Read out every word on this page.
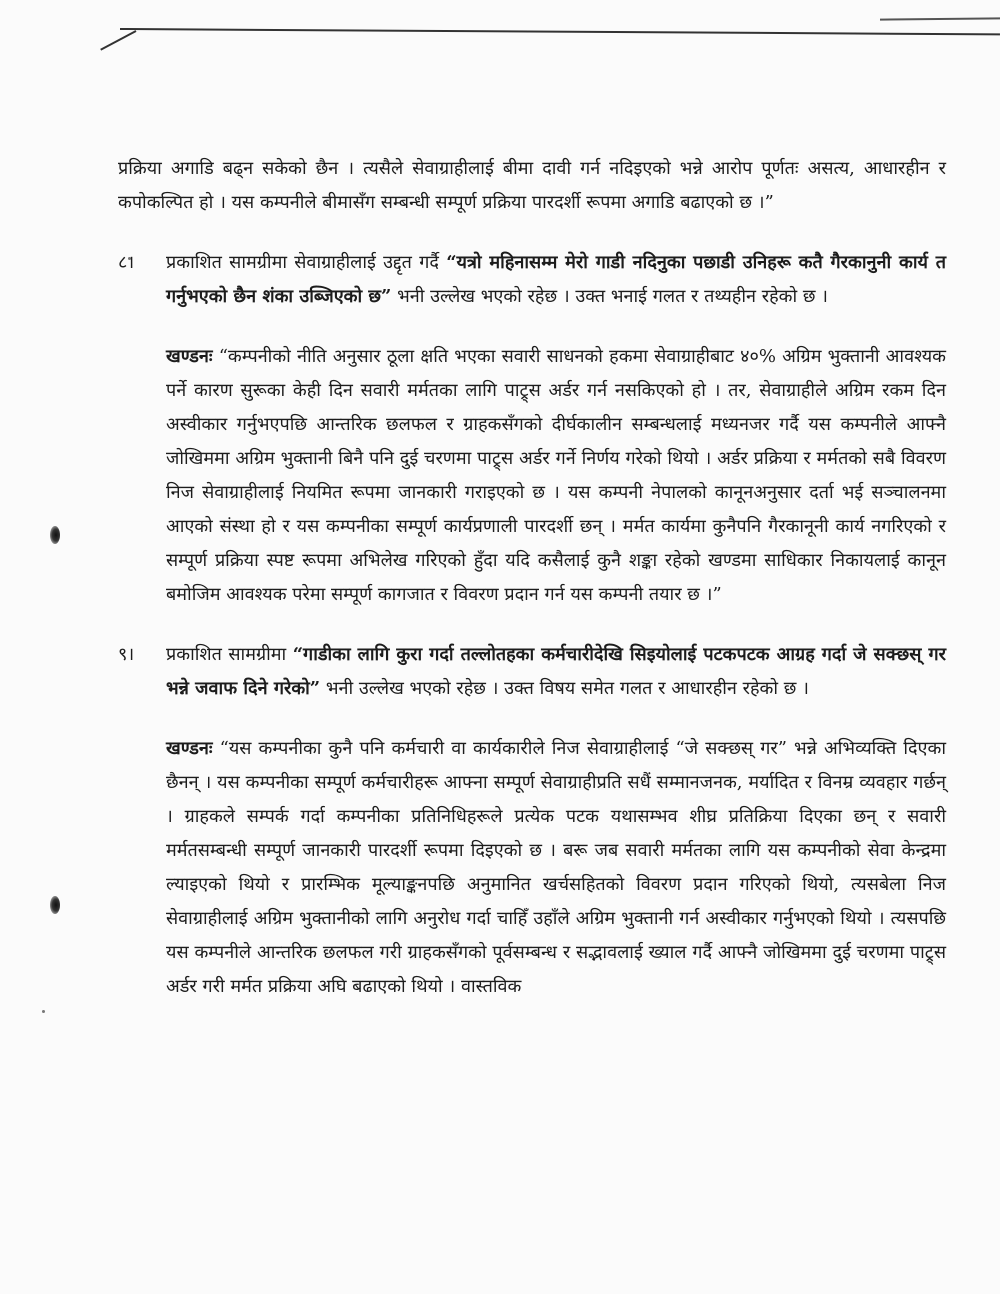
प्रक्रिया अगाडि बढ्न सकेको छैन । त्यसैले सेवाग्राहीलाई बीमा दावी गर्न नदिइएको भन्ने आरोप पूर्णतः असत्य, आधारहीन र कपोकल्पित हो । यस कम्पनीले बीमासँग सम्बन्धी सम्पूर्ण प्रक्रिया पारदर्शी रूपमा अगाडि बढाएको छ ।”

८।	प्रकाशित सामग्रीमा सेवाग्राहीलाई उद्दृत गर्दै “यत्रो महिनासम्म मेरो गाडी नदिनुका पछाडी उनिहरू कतै गैरकानुनी कार्य त गर्नुभएको छैन शंका उब्जिएको छ” भनी उल्लेख भएको रहेछ । उक्त भनाई गलत र तथ्यहीन रहेको छ ।

खण्डनः “कम्पनीको नीति अनुसार ठूला क्षति भएका सवारी साधनको हकमा सेवाग्राहीबाट ४०% अग्रिम भुक्तानी आवश्यक पर्ने कारण सुरूका केही दिन सवारी मर्मतका लागि पाट्र्स अर्डर गर्न नसकिएको हो । तर, सेवाग्राहीले अग्रिम रकम दिन अस्वीकार गर्नुभएपछि आन्तरिक छलफल र ग्राहकसँगको दीर्घकालीन सम्बन्धलाई मध्यनजर गर्दै यस कम्पनीले आफ्नै जोखिममा अग्रिम भुक्तानी बिनै पनि दुई चरणमा पाट्र्स अर्डर गर्ने निर्णय गरेको थियो । अर्डर प्रक्रिया र मर्मतको सबै विवरण निज सेवाग्राहीलाई नियमित रूपमा जानकारी गराइएको छ । यस कम्पनी नेपालको कानूनअनुसार दर्ता भई सञ्चालनमा आएको संस्था हो र यस कम्पनीका सम्पूर्ण कार्यप्रणाली पारदर्शी छन् । मर्मत कार्यमा कुनैपनि गैरकानूनी कार्य नगरिएको र सम्पूर्ण प्रक्रिया स्पष्ट रूपमा अभिलेख गरिएको हुँदा यदि कसैलाई कुनै शङ्का रहेको खण्डमा साधिकार निकायलाई कानून बमोजिम आवश्यक परेमा सम्पूर्ण कागजात र विवरण प्रदान गर्न यस कम्पनी तयार छ ।”

९।	प्रकाशित सामग्रीमा “गाडीका लागि कुरा गर्दा तल्लोतहका कर्मचारीदेखि सिइयोलाई पटकपटक आग्रह गर्दा जे सक्छस् गर भन्ने जवाफ दिने गरेको” भनी उल्लेख भएको रहेछ । उक्त विषय समेत गलत र आधारहीन रहेको छ ।

खण्डनः “यस कम्पनीका कुनै पनि कर्मचारी वा कार्यकारीले निज सेवाग्राहीलाई “जे सक्छस् गर” भन्ने अभिव्यक्ति दिएका छैनन् । यस कम्पनीका सम्पूर्ण कर्मचारीहरू आफ्ना सम्पूर्ण सेवाग्राहीप्रति सधैं सम्मानजनक, मर्यादित र विनम्र व्यवहार गर्छन् । ग्राहकले सम्पर्क गर्दा कम्पनीका प्रतिनिधिहरूले प्रत्येक पटक यथासम्भव शीघ्र प्रतिक्रिया दिएका छन् र सवारी मर्मतसम्बन्धी सम्पूर्ण जानकारी पारदर्शी रूपमा दिइएको छ । बरू जब सवारी मर्मतका लागि यस कम्पनीको सेवा केन्द्रमा ल्याइएको थियो र प्रारम्भिक मूल्याङ्कनपछि अनुमानित खर्चसहितको विवरण प्रदान गरिएको थियो, त्यसबेला निज सेवाग्राहीलाई अग्रिम भुक्तानीको लागि अनुरोध गर्दा चाहिँ उहाँले अग्रिम भुक्तानी गर्न अस्वीकार गर्नुभएको थियो । त्यसपछि यस कम्पनीले आन्तरिक छलफल गरी ग्राहकसँगको पूर्वसम्बन्ध र सद्भावलाई ख्याल गर्दै आफ्नै जोखिममा दुई चरणमा पाट्र्स अर्डर गरी मर्मत प्रक्रिया अघि बढाएको थियो । वास्तविक
